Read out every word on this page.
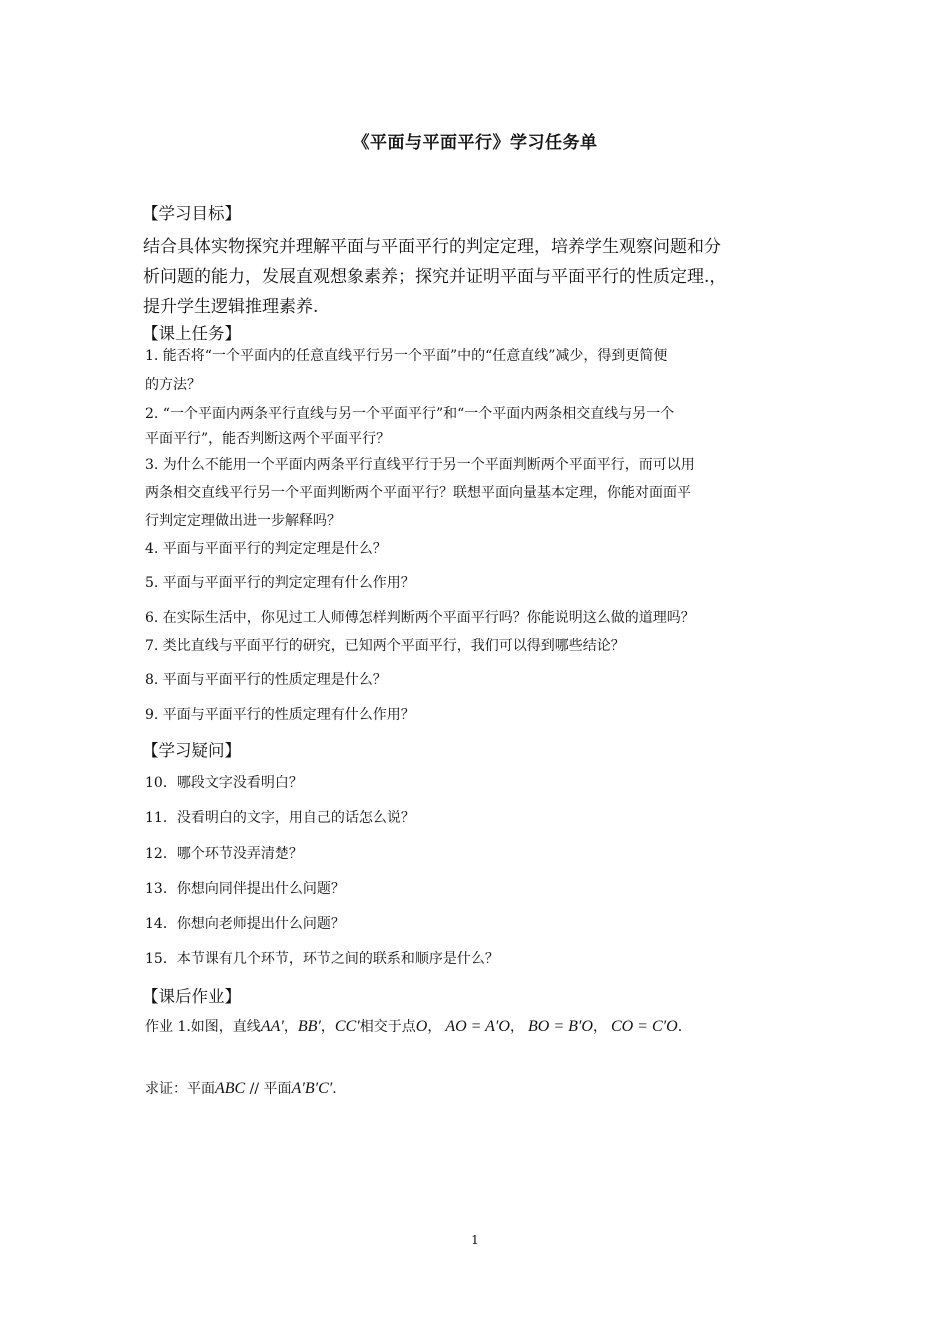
《平面与平面平行》学习任务单
【学习目标】
结合具体实物探究并理解平面与平面平行的判定定理，培养学生观察问题和分
析问题的能力，发展直观想象素养；探究并证明平面与平面平行的性质定理.，
提升学生逻辑推理素养.
【课上任务】
1. 能否将“一个平面内的任意直线平行另一个平面”中的“任意直线”减少，得到更简便
的方法？
2. “一个平面内两条平行直线与另一个平面平行”和“一个平面内两条相交直线与另一个
平面平行”，能否判断这两个平面平行？
3. 为什么不能用一个平面内两条平行直线平行于另一个平面判断两个平面平行，而可以用
两条相交直线平行另一个平面判断两个平面平行？联想平面向量基本定理，你能对面面平
行判定定理做出进一步解释吗？
4. 平面与平面平行的判定定理是什么？
5. 平面与平面平行的判定定理有什么作用？
6. 在实际生活中，你见过工人师傅怎样判断两个平面平行吗？你能说明这么做的道理吗？
7. 类比直线与平面平行的研究，已知两个平面平行，我们可以得到哪些结论？
8. 平面与平面平行的性质定理是什么？
9. 平面与平面平行的性质定理有什么作用？
【学习疑问】
10．哪段文字没看明白？
11．没看明白的文字，用自己的话怎么说？
12．哪个环节没弄清楚？
13．你想向同伴提出什么问题？
14．你想向老师提出什么问题？
15．本节课有几个环节，环节之间的联系和顺序是什么？
【课后作业】
作业 1.如图，直线AA′，BB′，CC′相交于点O， AO = A′O， BO = B′O， CO = C′O.
求证：平面ABC // 平面A′B′C′.
1
